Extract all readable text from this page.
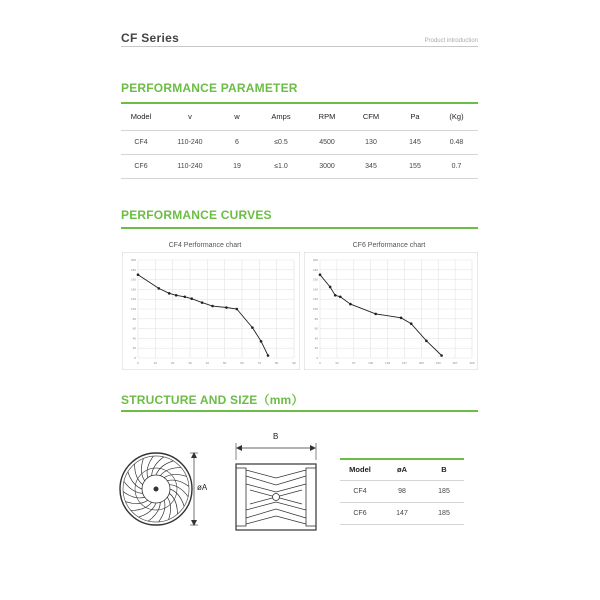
CF Series	Product introduction
PERFORMANCE PARAMETER
Model	v	w	Amps	RPM	CFM	Pa	(Kg)
CF4	110-240	6	≤0.5	4500	130	145	0.48
CF6	110-240	19	≤1.0	3000	345	155	0.7
PERFORMANCE CURVES
CF4 Performance chart	CF6 Performance chart
0	10	20	30	40	50	60	70	80	90
200
180
160
140
120
100
80
60
40
20
0
0	33	67	100	133	167	200	233	267	300
200
180
160
140
120
100
80
60
40
20
0
STRUCTURE AND SIZE（mm）
øA
B
Model	øA	B
CF4	98	185
CF6	147	185
